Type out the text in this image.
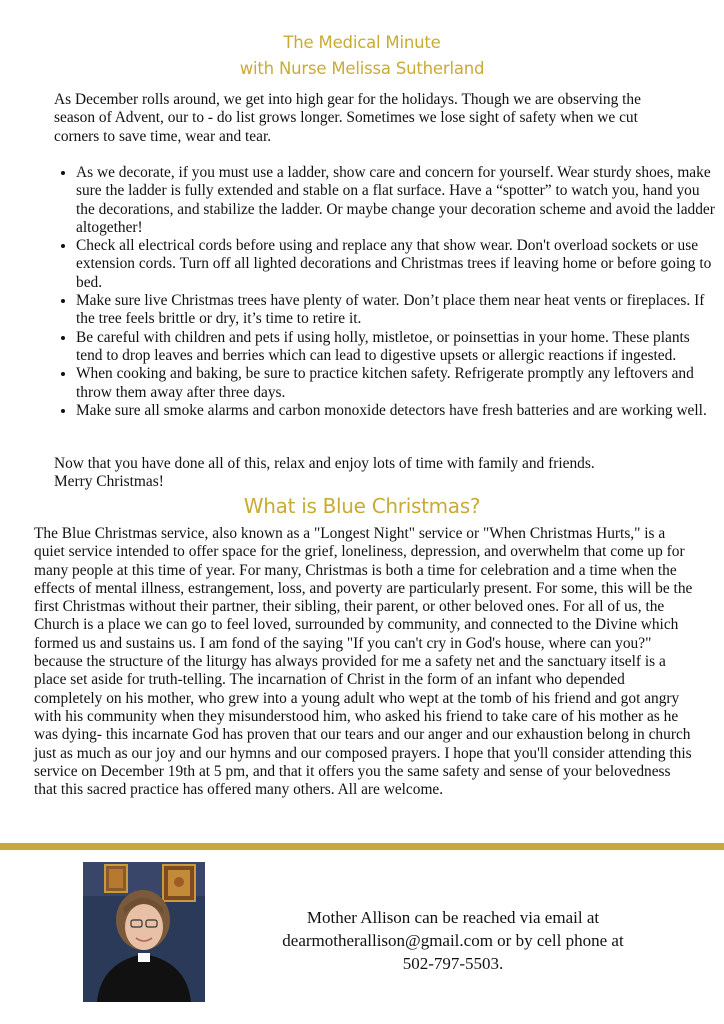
The Medical Minute
with Nurse Melissa Sutherland

As December rolls around, we get into high gear for the holidays. Though we are observing the season of Advent, our to - do list grows longer. Sometimes we lose sight of safety when we cut corners to save time, wear and tear.

• As we decorate, if you must use a ladder, show care and concern for yourself. Wear sturdy shoes, make sure the ladder is fully extended and stable on a flat surface. Have a “spotter” to watch you, hand you the decorations, and stabilize the ladder. Or maybe change your decoration scheme and avoid the ladder altogether!
• Check all electrical cords before using and replace any that show wear. Don't overload sockets or use extension cords. Turn off all lighted decorations and Christmas trees if leaving home or before going to bed.
• Make sure live Christmas trees have plenty of water. Don’t place them near heat vents or fireplaces. If the tree feels brittle or dry, it’s time to retire it.
• Be careful with children and pets if using holly, mistletoe, or poinsettias in your home. These plants tend to drop leaves and berries which can lead to digestive upsets or allergic reactions if ingested.
• When cooking and baking, be sure to practice kitchen safety. Refrigerate promptly any leftovers and throw them away after three days.
• Make sure all smoke alarms and carbon monoxide detectors have fresh batteries and are working well.
Now that you have done all of this, relax and enjoy lots of time with family and friends.
Merry Christmas!
What is Blue Christmas?

The Blue Christmas service, also known as a "Longest Night" service or "When Christmas Hurts," is a quiet service intended to offer space for the grief, loneliness, depression, and overwhelm that come up for many people at this time of year. For many, Christmas is both a time for celebration and a time when the effects of mental illness, estrangement, loss, and poverty are particularly present. For some, this will be the first Christmas without their partner, their sibling, their parent, or other beloved ones. For all of us, the Church is a place we can go to feel loved, surrounded by community, and connected to the Divine which formed us and sustains us. I am fond of the saying "If you can't cry in God's house, where can you?" because the structure of the liturgy has always provided for me a safety net and the sanctuary itself is a place set aside for truth-telling. The incarnation of Christ in the form of an infant who depended completely on his mother, who grew into a young adult who wept at the tomb of his friend and got angry with his community when they misunderstood him, who asked his friend to take care of his mother as he was dying- this incarnate God has proven that our tears and our anger and our exhaustion belong in church just as much as our joy and our hymns and our composed prayers. I hope that you'll consider attending this service on December 19th at 5 pm, and that it offers you the same safety and sense of your belovedness that this sacred practice has offered many others. All are welcome.

Mother Allison can be reached via email at
dearmotherallison@gmail.com or by cell phone at
502-797-5503.
